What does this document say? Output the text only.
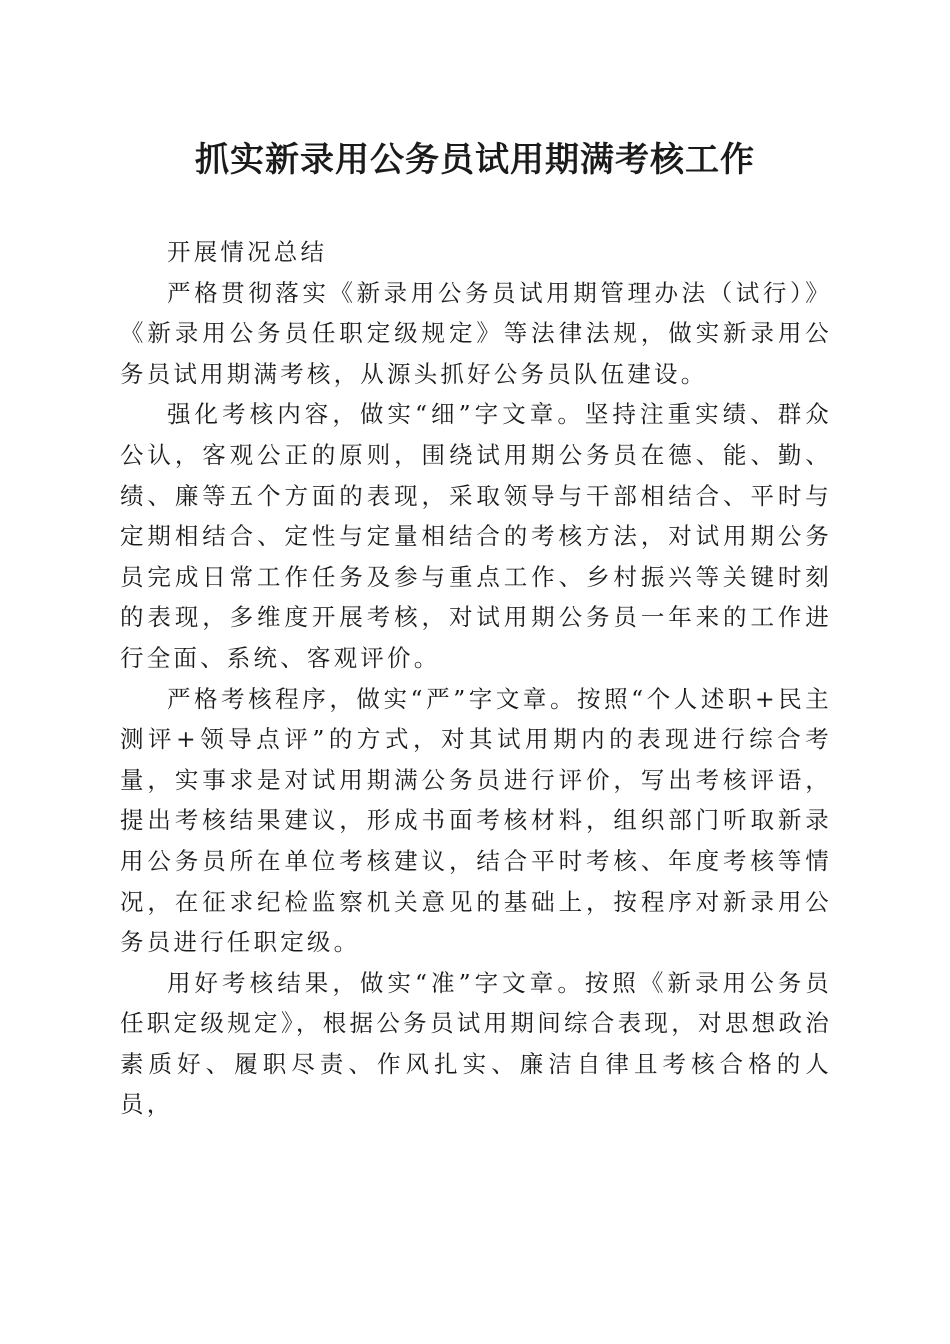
抓实新录用公务员试用期满考核工作

开展情况总结

严格贯彻落实《新录用公务员试用期管理办法（试行）》《新录用公务员任职定级规定》等法律法规，做实新录用公务员试用期满考核，从源头抓好公务员队伍建设。

强化考核内容，做实“细”字文章。坚持注重实绩、群众公认，客观公正的原则，围绕试用期公务员在德、能、勤、绩、廉等五个方面的表现，采取领导与干部相结合、平时与定期相结合、定性与定量相结合的考核方法，对试用期公务员完成日常工作任务及参与重点工作、乡村振兴等关键时刻的表现，多维度开展考核，对试用期公务员一年来的工作进行全面、系统、客观评价。

严格考核程序，做实“严”字文章。按照“个人述职+民主测评+领导点评”的方式，对其试用期内的表现进行综合考量，实事求是对试用期满公务员进行评价，写出考核评语，提出考核结果建议，形成书面考核材料，组织部门听取新录用公务员所在单位考核建议，结合平时考核、年度考核等情况，在征求纪检监察机关意见的基础上，按程序对新录用公务员进行任职定级。

用好考核结果，做实“准”字文章。按照《新录用公务员任职定级规定》，根据公务员试用期间综合表现，对思想政治素质好、履职尽责、作风扎实、廉洁自律且考核合格的人员，
